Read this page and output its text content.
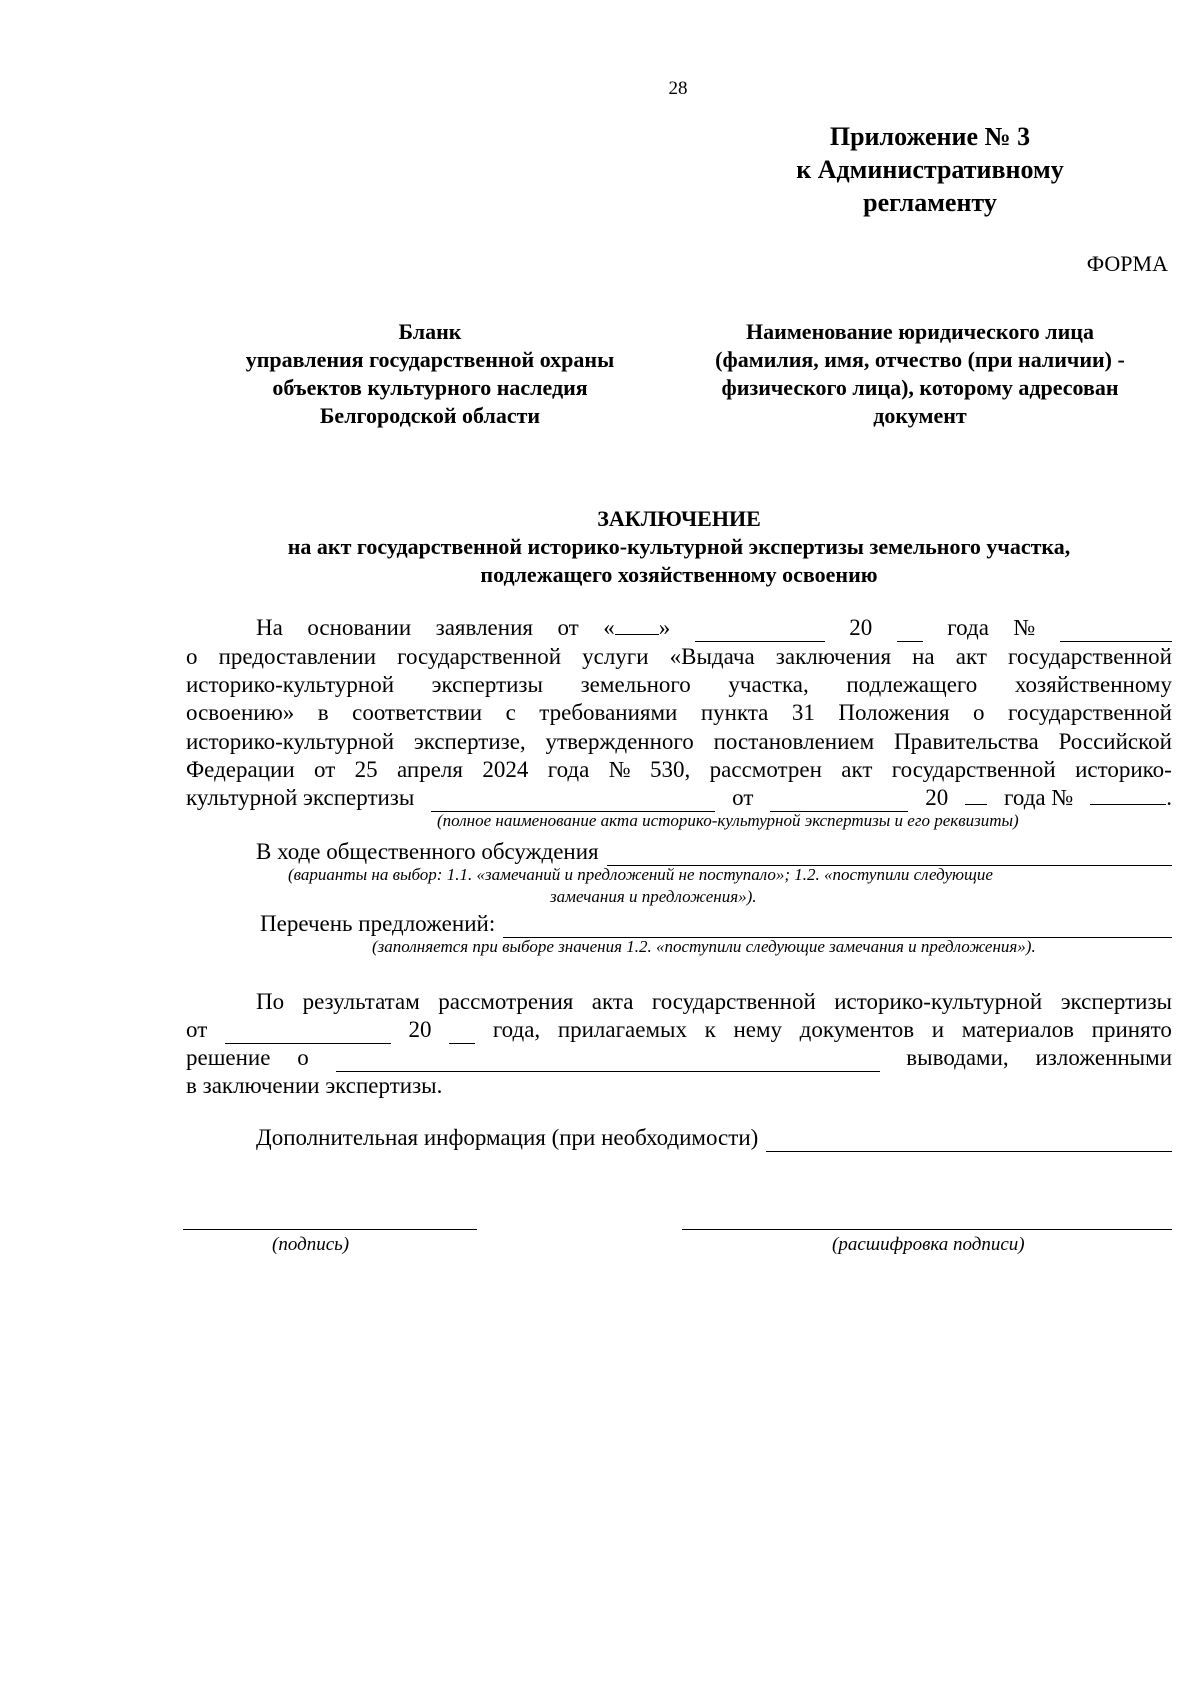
28
Приложение № 3
к Административному
регламенту
ФОРМА
Бланк
управления государственной охраны
объектов культурного наследия
Белгородской области
Наименование юридического лица
(фамилия, имя, отчество (при наличии) -
физического лица), которому адресован
документ
ЗАКЛЮЧЕНИЕ
на акт государственной историко-культурной экспертизы земельного участка,
подлежащего хозяйственному освоению
На основании заявления от « »	20	года №
о предоставлении государственной услуги «Выдача заключения на акт государственной
историко-культурной экспертизы земельного участка, подлежащего хозяйственному
освоению» в соответствии с требованиями пункта 31 Положения о государственной
историко-культурной экспертизе, утвержденного постановлением Правительства Российской
Федерации от 25 апреля 2024 года № 530, рассмотрен акт государственной историко-
культурной экспертизы	от	20 года №	.
(полное наименование акта историко-культурной экспертизы и его реквизиты)
В ходе общественного обсуждения
(варианты на выбор: 1.1. «замечаний и предложений не поступало»; 1.2. «поступили следующие
замечания и предложения»).
Перечень предложений:
(заполняется при выборе значения 1.2. «поступили следующие замечания и предложения»).
По результатам рассмотрения акта государственной историко-культурной экспертизы
от	20	года, прилагаемых к нему документов и материалов принято
решение о	выводами, изложенными
в заключении экспертизы.
Дополнительная информация (при необходимости)
(подпись)	(расшифровка подписи)
